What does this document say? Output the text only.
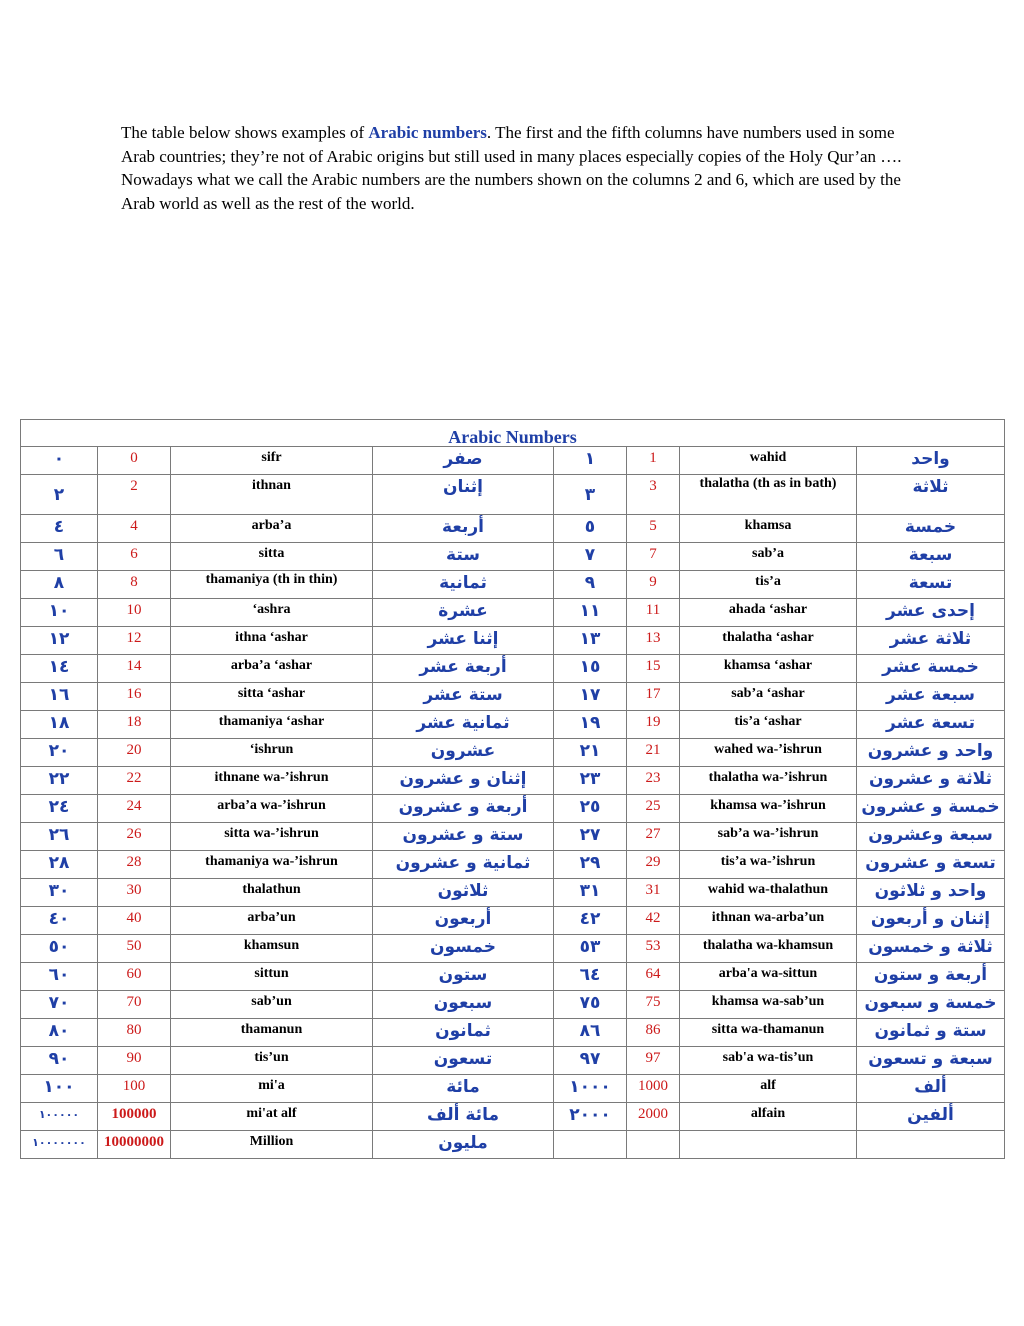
The table below shows examples of Arabic numbers. The first and the fifth columns have numbers used in some Arab countries; they’re not of Arabic origins but still used in many places especially copies of the Holy Qur’an …. Nowadays what we call the Arabic numbers are the numbers shown on the columns 2 and 6, which are used by the Arab world as well as the rest of the world.
Arabic Numbers							
٠	0	sifr	صفر	١	1	wahid	واحد
٢	2	ithnan	إثنان	٣	3	thalatha (th as in bath)	ثلاثة
٤	4	arba’a	أربعة	٥	5	khamsa	خمسة
٦	6	sitta	ستة	٧	7	sab’a	سبعة
٨	8	thamaniya (th in thin)	ثمانية	٩	9	tis’a	تسعة
١٠	10	‘ashra	عشرة	١١	11	ahada ‘ashar	إحدى عشر
١٢	12	ithna ‘ashar	إثنا عشر	١٣	13	thalatha ‘ashar	ثلاثة عشر
١٤	14	arba’a ‘ashar	أربعة عشر	١٥	15	khamsa ‘ashar	خمسة عشر
١٦	16	sitta ‘ashar	ستة عشر	١٧	17	sab’a ‘ashar	سبعة عشر
١٨	18	thamaniya ‘ashar	ثمانية عشر	١٩	19	tis’a ‘ashar	تسعة عشر
٢٠	20	‘ishrun	عشرون	٢١	21	wahed wa-’ishrun	واحد و عشرون
٢٢	22	ithnane wa-’ishrun	إثنان و عشرون	٢٣	23	thalatha wa-’ishrun	ثلاثة و عشرون
٢٤	24	arba’a wa-’ishrun	أربعة و عشرون	٢٥	25	khamsa wa-’ishrun	خمسة و عشرون
٢٦	26	sitta wa-’ishrun	ستة و عشرون	٢٧	27	sab’a wa-’ishrun	سبعة وعشرون
٢٨	28	thamaniya wa-’ishrun	ثمانية و عشرون	٢٩	29	tis’a wa-’ishrun	تسعة و عشرون
٣٠	30	thalathun	ثلاثون	٣١	31	wahid wa-thalathun	واحد و ثلاثون
٤٠	40	arba’un	أربعون	٤٢	42	ithnan wa-arba’un	إثنان و أربعون
٥٠	50	khamsun	خمسون	٥٣	53	thalatha wa-khamsun	ثلاثة و خمسون
٦٠	60	sittun	ستون	٦٤	64	arba'a wa-sittun	أربعة و ستون
٧٠	70	sab’un	سبعون	٧٥	75	khamsa wa-sab’un	خمسة و سبعون
٨٠	80	thamanun	ثمانون	٨٦	86	sitta wa-thamanun	ستة و ثمانون
٩٠	90	tis’un	تسعون	٩٧	97	sab'a wa-tis’un	سبعة و تسعون
١٠٠	100	mi'a	مائة	١٠٠٠	1000	alf	ألف
١٠٠٠٠٠	100000	mi'at alf	مائة ألف	٢٠٠٠	2000	alfain	ألفين
١٠٠٠٠٠٠٠	10000000	Million	مليون				
